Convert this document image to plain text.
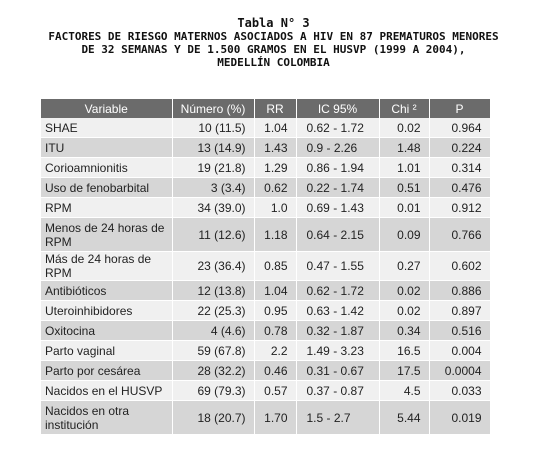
Tabla N° 3
FACTORES DE RIESGO MATERNOS ASOCIADOS A HIV EN 87 PREMATUROS MENORES
DE 32 SEMANAS Y DE 1.500 GRAMOS EN EL HUSVP (1999 A 2004),
MEDELLÍN COLOMBIA
Variable	Número (%)	RR	IC 95%	Chi ²	P
SHAE	10 (11.5)	1.04	0.62 - 1.72	0.02	0.964
ITU	13 (14.9)	1.43	0.9 - 2.26	1.48	0.224
Corioamnionitis	19 (21.8)	1.29	0.86 - 1.94	1.01	0.314
Uso de fenobarbital	3 (3.4)	0.62	0.22 - 1.74	0.51	0.476
RPM	34 (39.0)	1.0	0.69 - 1.43	0.01	0.912
Menos de 24 horas de RPM	11 (12.6)	1.18	0.64 - 2.15	0.09	0.766
Más de 24 horas de RPM	23 (36.4)	0.85	0.47 - 1.55	0.27	0.602
Antibióticos	12 (13.8)	1.04	0.62 - 1.72	0.02	0.886
Uteroinhibidores	22 (25.3)	0.95	0.63 - 1.42	0.02	0.897
Oxitocina	4 (4.6)	0.78	0.32 - 1.87	0.34	0.516
Parto vaginal	59 (67.8)	2.2	1.49 - 3.23	16.5	0.004
Parto por cesárea	28 (32.2)	0.46	0.31 - 0.67	17.5	0.0004
Nacidos en el HUSVP	69 (79.3)	0.57	0.37 - 0.87	4.5	0.033
Nacidos en otra institución	18 (20.7)	1.70	1.5 - 2.7	5.44	0.019
